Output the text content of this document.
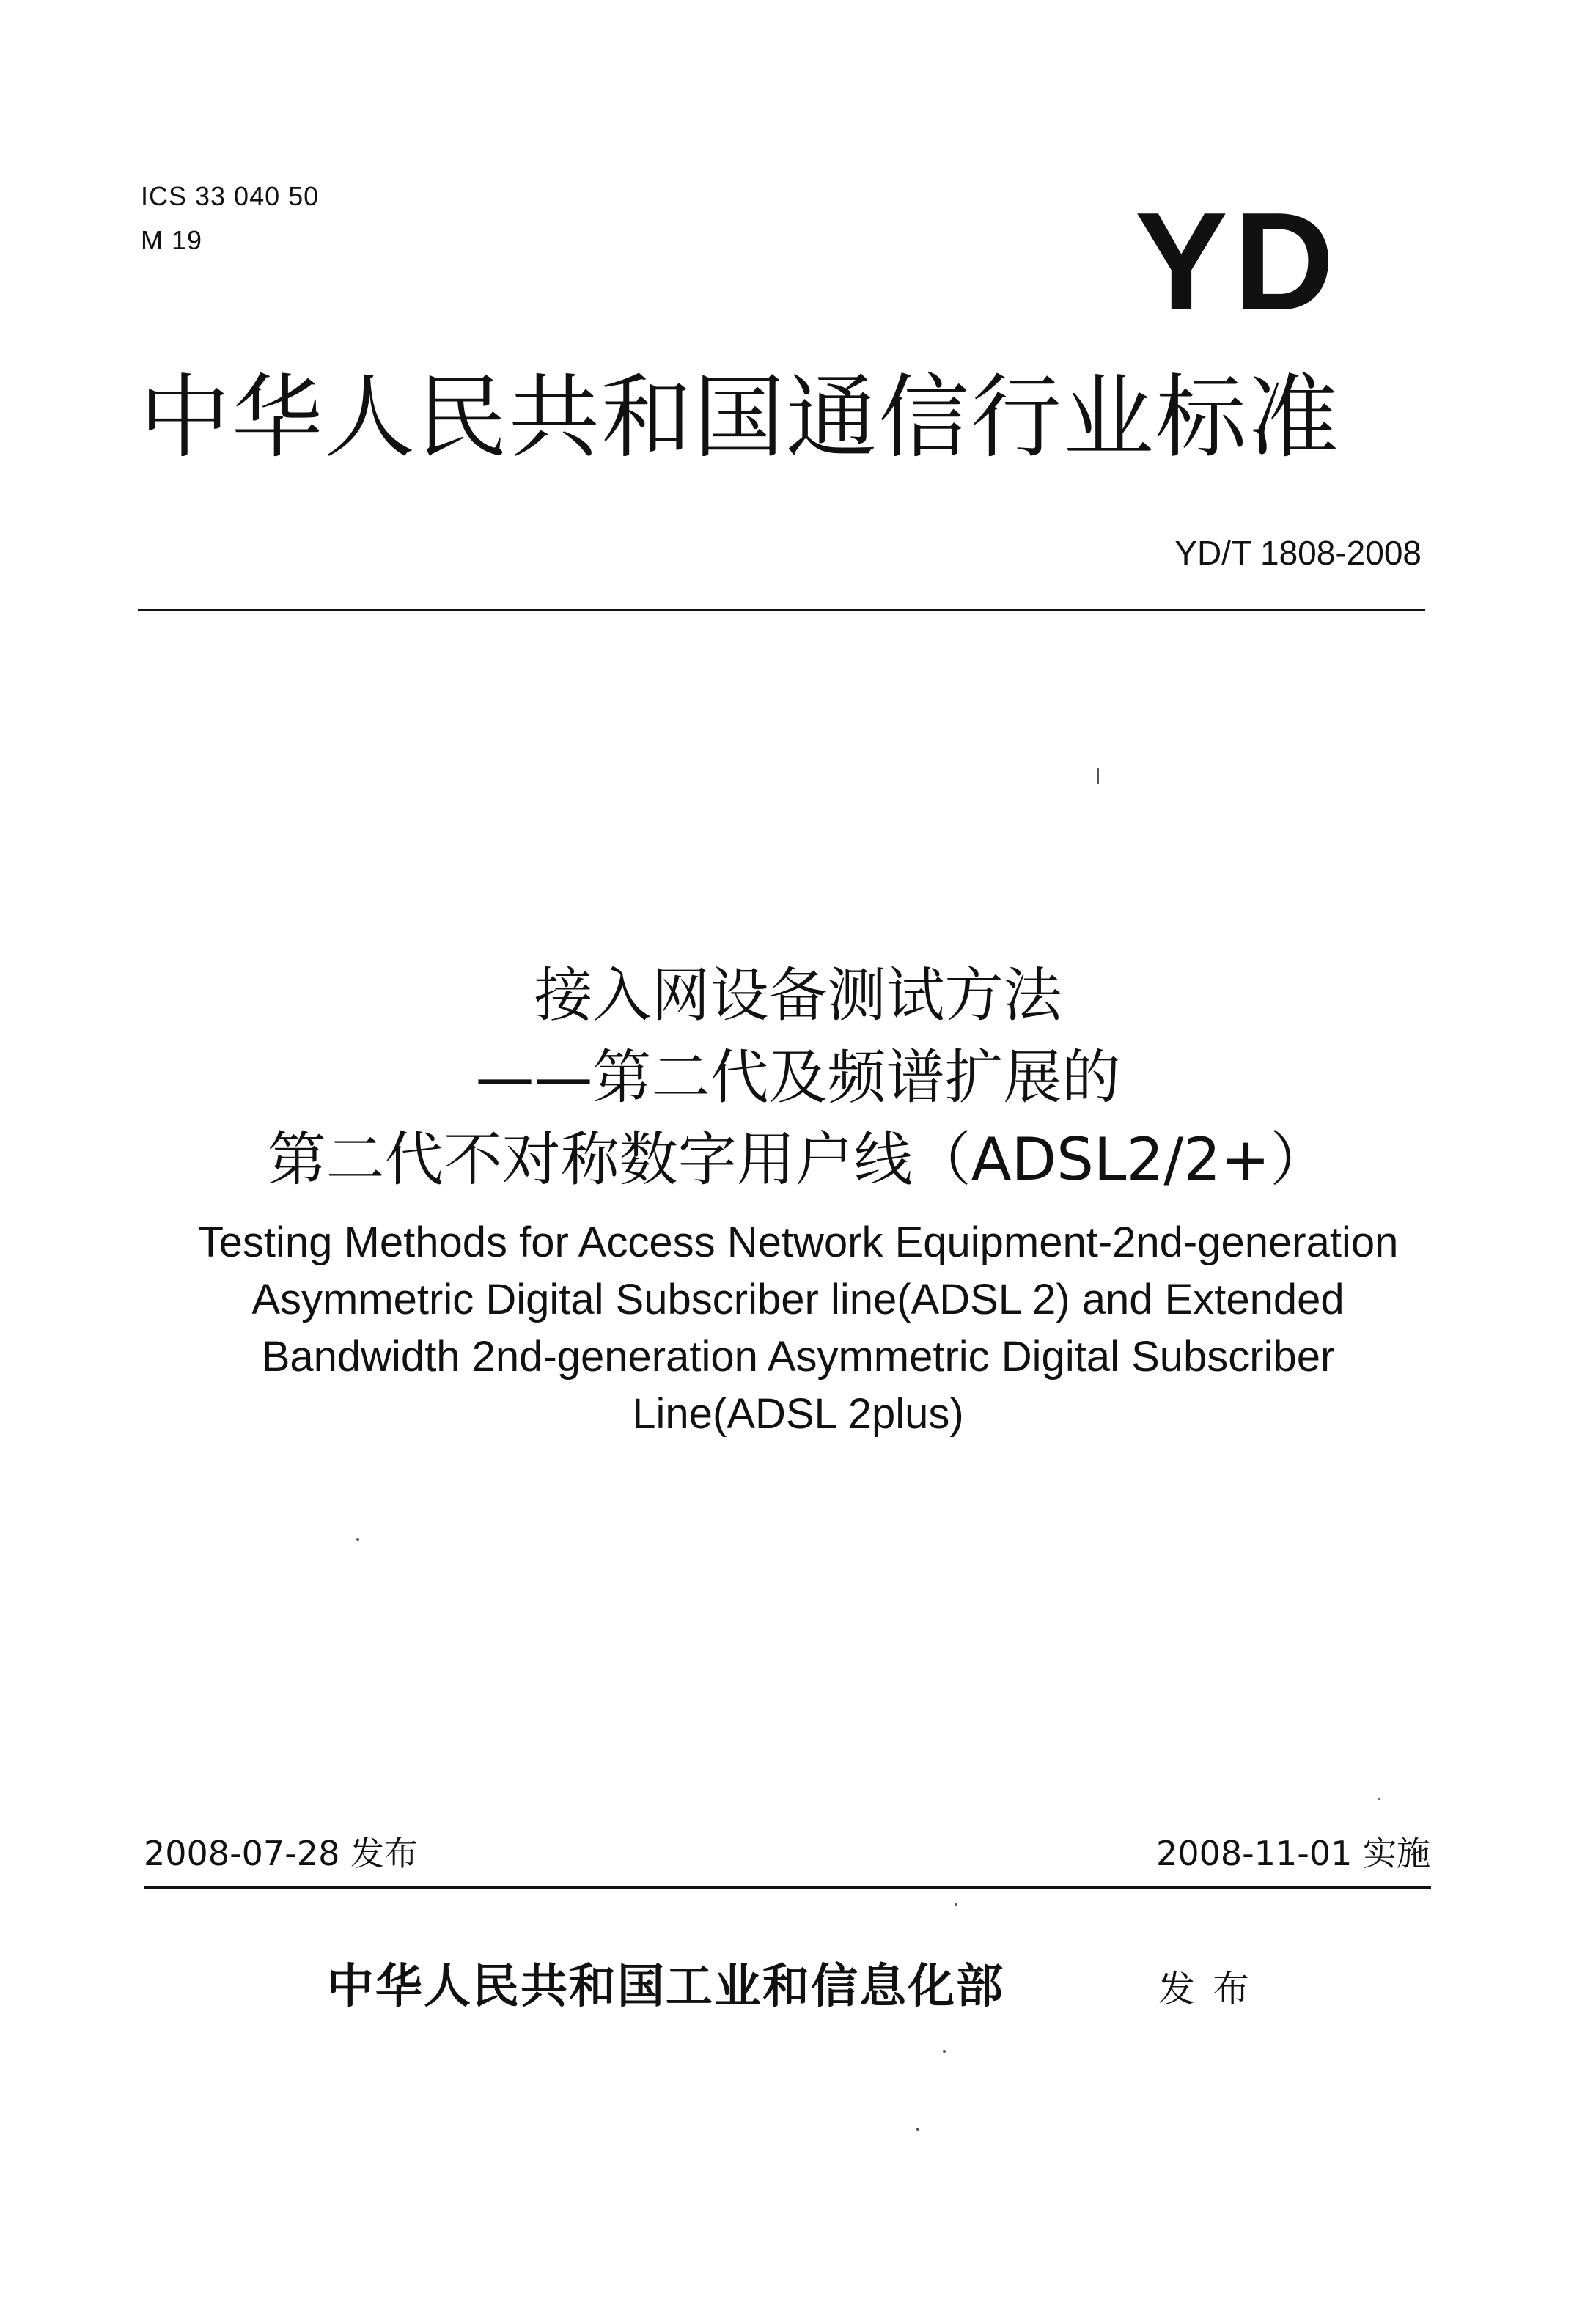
ICS 33 040 50
M 19	YD
中华人民共和国通信行业标准
YD/T 1808-2008
接入网设备测试方法
——第二代及频谱扩展的
第二代不对称数字用户线（ADSL2/2+）
Testing Methods for Access Network Equipment-2nd-generation
Asymmetric Digital Subscriber line(ADSL 2) and Extended
Bandwidth 2nd-generation Asymmetric Digital Subscriber
Line(ADSL 2plus)
2008-07-28 发布	2008-11-01 实施
中华人民共和国工业和信息化部	发布
